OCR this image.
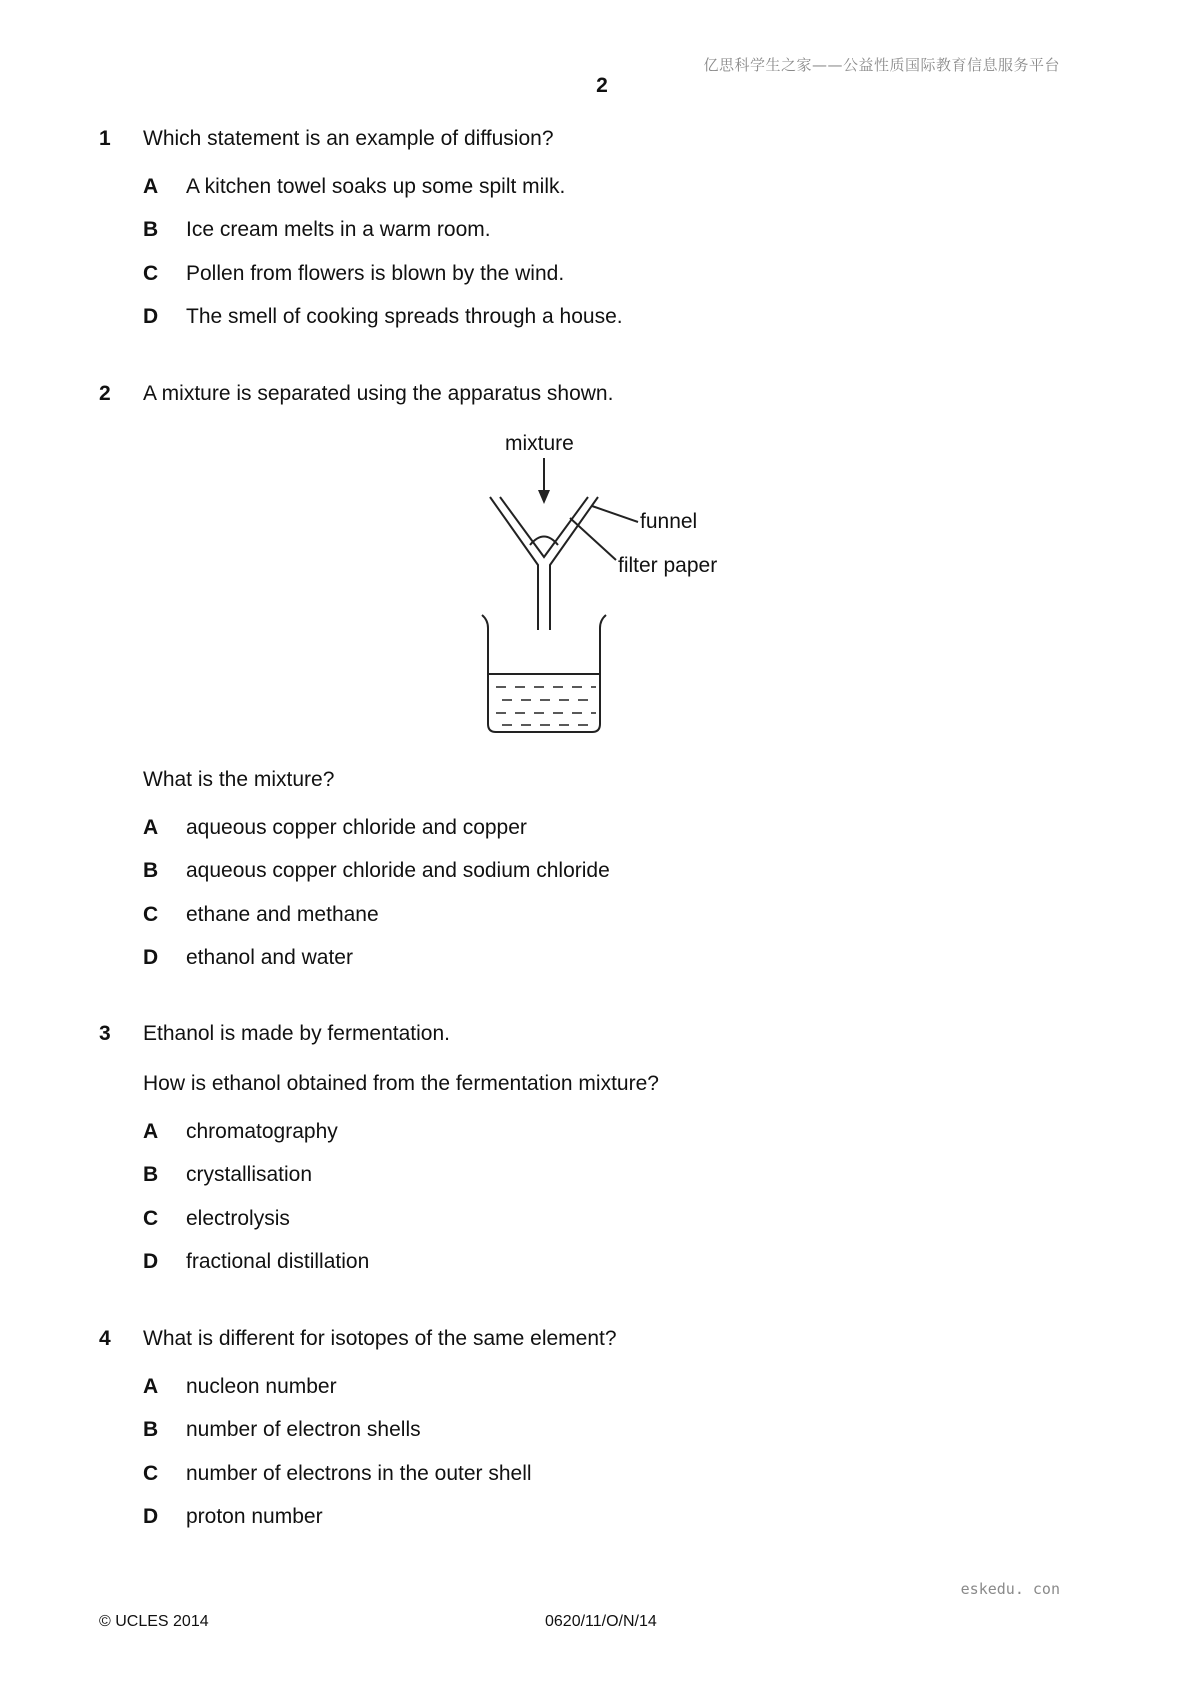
亿思科学生之家——公益性质国际教育信息服务平台
2
1 Which statement is an example of diffusion?
A A kitchen towel soaks up some spilt milk.
B Ice cream melts in a warm room.
C Pollen from flowers is blown by the wind.
D The smell of cooking spreads through a house.
2 A mixture is separated using the apparatus shown.
mixture
funnel
filter paper
What is the mixture?
A aqueous copper chloride and copper
B aqueous copper chloride and sodium chloride
C ethane and methane
D ethanol and water
3 Ethanol is made by fermentation.
How is ethanol obtained from the fermentation mixture?
A chromatography
B crystallisation
C electrolysis
D fractional distillation
4 What is different for isotopes of the same element?
A nucleon number
B number of electron shells
C number of electrons in the outer shell
D proton number
eskedu. con
© UCLES 2014	0620/11/O/N/14
